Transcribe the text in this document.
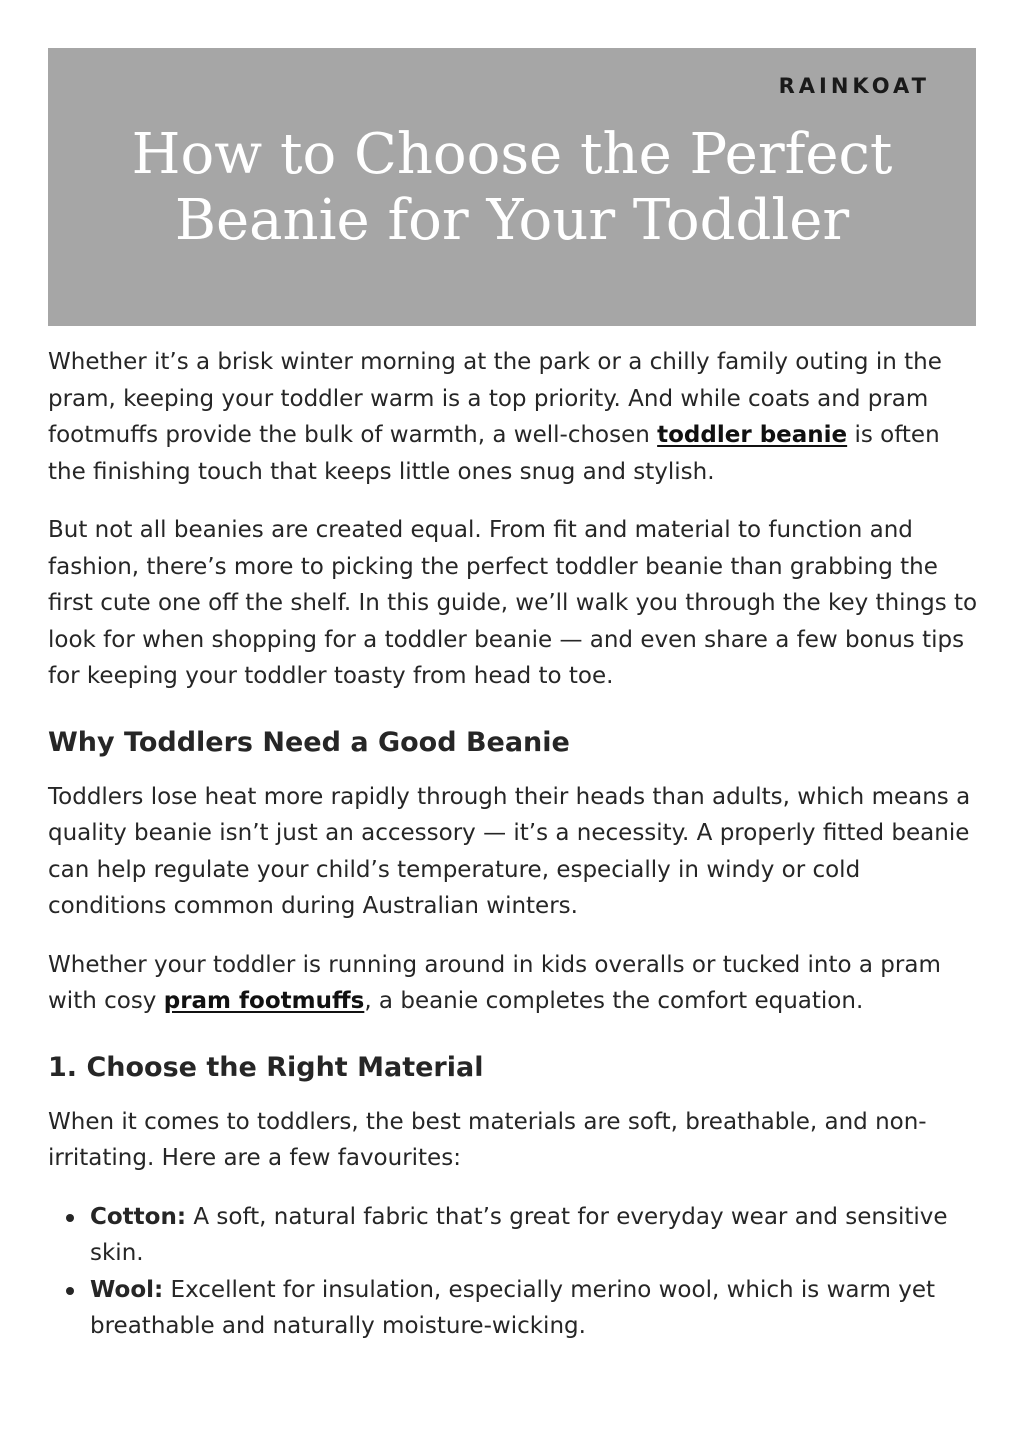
RAINKOAT
How to Choose the Perfect Beanie for Your Toddler

Whether it’s a brisk winter morning at the park or a chilly family outing in the pram, keeping your toddler warm is a top priority. And while coats and pram footmuffs provide the bulk of warmth, a well-chosen toddler beanie is often the finishing touch that keeps little ones snug and stylish.

But not all beanies are created equal. From fit and material to function and fashion, there’s more to picking the perfect toddler beanie than grabbing the first cute one off the shelf. In this guide, we’ll walk you through the key things to look for when shopping for a toddler beanie — and even share a few bonus tips for keeping your toddler toasty from head to toe.

Why Toddlers Need a Good Beanie

Toddlers lose heat more rapidly through their heads than adults, which means a quality beanie isn’t just an accessory — it’s a necessity. A properly fitted beanie can help regulate your child’s temperature, especially in windy or cold conditions common during Australian winters.

Whether your toddler is running around in kids overalls or tucked into a pram with cosy pram footmuffs, a beanie completes the comfort equation.

1. Choose the Right Material

When it comes to toddlers, the best materials are soft, breathable, and non-irritating. Here are a few favourites:

Cotton: A soft, natural fabric that’s great for everyday wear and sensitive skin.
Wool: Excellent for insulation, especially merino wool, which is warm yet breathable and naturally moisture-wicking.
